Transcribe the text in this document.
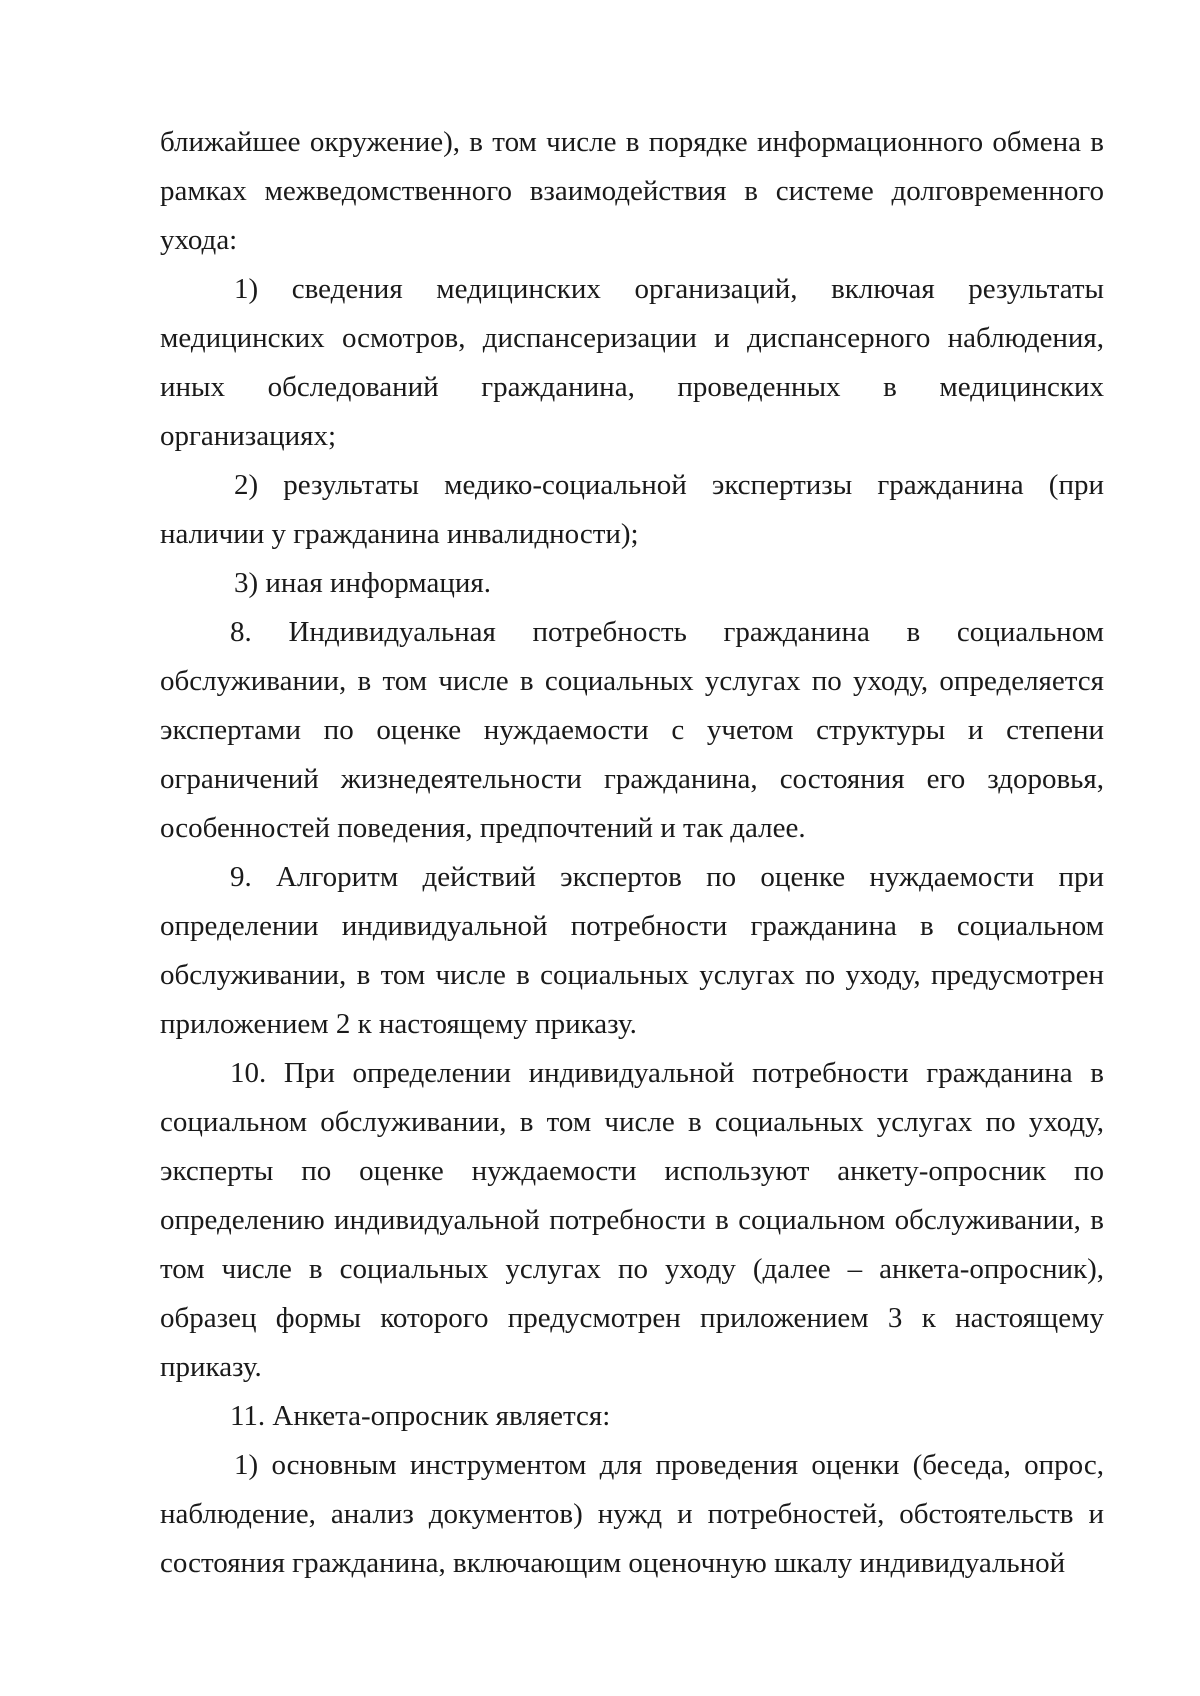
ближайшее окружение), в том числе в порядке информационного обмена в рамках межведомственного взаимодействия в системе долговременного ухода:

1) сведения медицинских организаций, включая результаты медицинских осмотров, диспансеризации и диспансерного наблюдения, иных обследований гражданина, проведенных в медицинских организациях;

2) результаты медико-социальной экспертизы гражданина (при наличии у гражданина инвалидности);

3) иная информация.

8. Индивидуальная потребность гражданина в социальном обслуживании, в том числе в социальных услугах по уходу, определяется экспертами по оценке нуждаемости с учетом структуры и степени ограничений жизнедеятельности гражданина, состояния его здоровья, особенностей поведения, предпочтений и так далее.

9. Алгоритм действий экспертов по оценке нуждаемости при определении индивидуальной потребности гражданина в социальном обслуживании, в том числе в социальных услугах по уходу, предусмотрен приложением 2 к настоящему приказу.

10. При определении индивидуальной потребности гражданина в социальном обслуживании, в том числе в социальных услугах по уходу, эксперты по оценке нуждаемости используют анкету-опросник по определению индивидуальной потребности в социальном обслуживании, в том числе в социальных услугах по уходу (далее – анкета-опросник), образец формы которого предусмотрен приложением 3 к настоящему приказу.

11. Анкета-опросник является:

1) основным инструментом для проведения оценки (беседа, опрос, наблюдение, анализ документов) нужд и потребностей, обстоятельств и состояния гражданина, включающим оценочную шкалу индивидуальной
